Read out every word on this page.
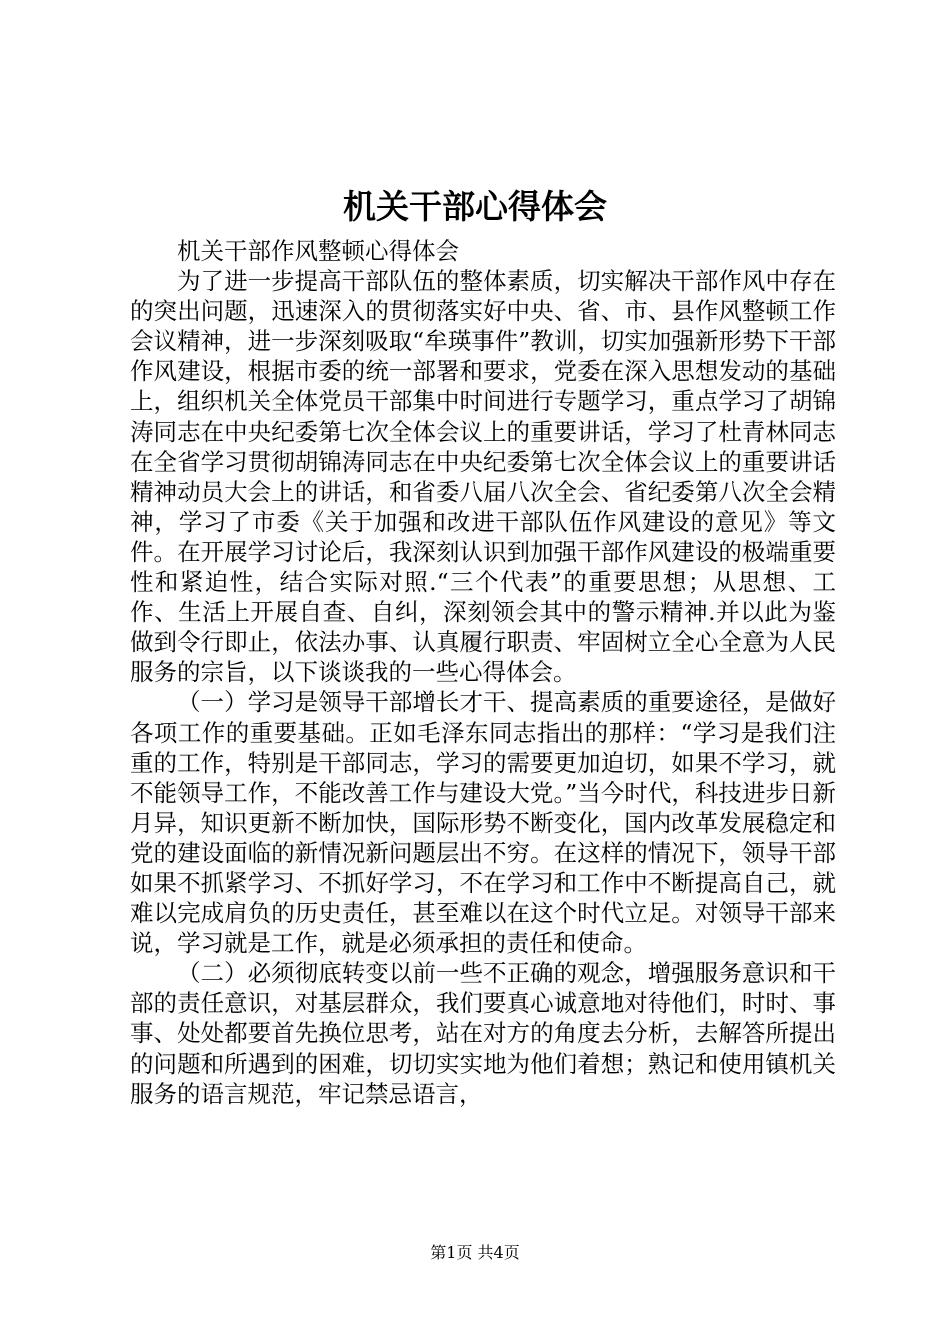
机关干部心得体会

机关干部作风整顿心得体会

为了进一步提高干部队伍的整体素质，切实解决干部作风中存在的突出问题，迅速深入的贯彻落实好中央、省、市、县作风整顿工作会议精神，进一步深刻吸取“牟瑛事件”教训，切实加强新形势下干部作风建设，根据市委的统一部署和要求，党委在深入思想发动的基础上，组织机关全体党员干部集中时间进行专题学习，重点学习了胡锦涛同志在中央纪委第七次全体会议上的重要讲话，学习了杜青林同志在全省学习贯彻胡锦涛同志在中央纪委第七次全体会议上的重要讲话精神动员大会上的讲话，和省委八届八次全会、省纪委第八次全会精神，学习了市委《关于加强和改进干部队伍作风建设的意见》等文件。在开展学习讨论后，我深刻认识到加强干部作风建设的极端重要性和紧迫性，结合实际对照.“三个代表”的重要思想；从思想、工作、生活上开展自查、自纠，深刻领会其中的警示精神.并以此为鉴做到令行即止，依法办事、认真履行职责、牢固树立全心全意为人民服务的宗旨，以下谈谈我的一些心得体会。

（一）学习是领导干部增长才干、提高素质的重要途径，是做好各项工作的重要基础。正如毛泽东同志指出的那样：“学习是我们注重的工作，特别是干部同志，学习的需要更加迫切，如果不学习，就不能领导工作，不能改善工作与建设大党。”当今时代，科技进步日新月异，知识更新不断加快，国际形势不断变化，国内改革发展稳定和党的建设面临的新情况新问题层出不穷。在这样的情况下，领导干部如果不抓紧学习、不抓好学习，不在学习和工作中不断提高自己，就难以完成肩负的历史责任，甚至难以在这个时代立足。对领导干部来说，学习就是工作，就是必须承担的责任和使命。

（二）必须彻底转变以前一些不正确的观念，增强服务意识和干部的责任意识，对基层群众，我们要真心诚意地对待他们，时时、事事、处处都要首先换位思考，站在对方的角度去分析，去解答所提出的问题和所遇到的困难，切切实实地为他们着想；熟记和使用镇机关服务的语言规范，牢记禁忌语言，

第1页 共4页
